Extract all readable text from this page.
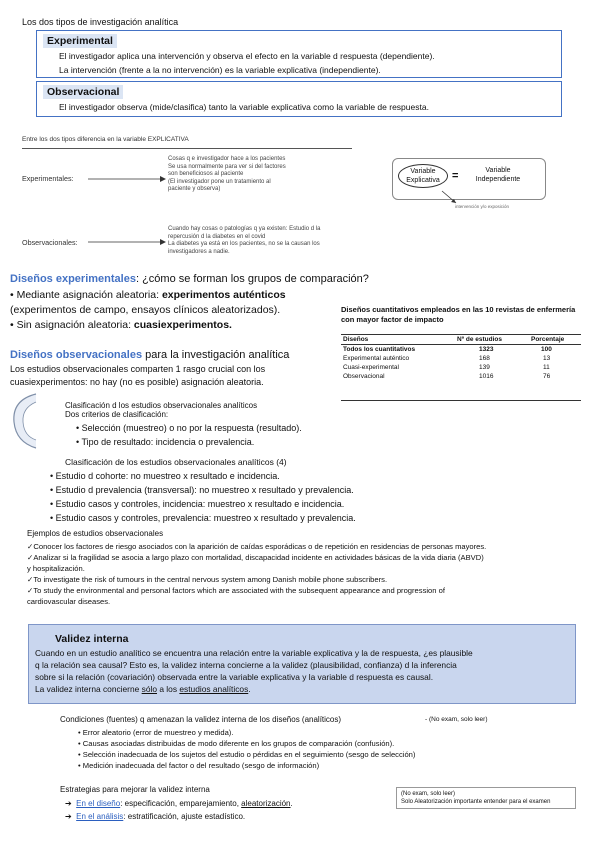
Los dos tipos de investigación analítica
Experimental
El investigador aplica una intervención y observa el efecto en la variable d respuesta (dependiente).
La intervención (frente a la no intervención) es la variable explicativa (independiente).
Observacional
El investigador observa (mide/clasifica) tanto la variable explicativa como la variable de respuesta.
Entre los dos tipos diferencia en la variable EXPLICATIVA
Experimentales:
Cosas q e investigador hace a los pacientes
Se usa normalmente para ver si del factores
son beneficiosos al paciente
(El investigador pone un tratamiento al
paciente y observa)
Observacionales:
Cuando hay cosas o patologías q ya existen: Estudio d la
repercusión d la diabetes en el covid
La diabetes ya está en los pacientes, no se la causan los
investigadores a nadie.
Variable Explicativa	=	Variable Independiente
intervención y/o exposición
Diseños experimentales: ¿cómo se forman los grupos de comparación?
• Mediante asignación aleatoria: experimentos auténticos
(experimentos de campo, ensayos clínicos aleatorizados).
• Sin asignación aleatoria: cuasiexperimentos.
Diseños cuantitativos empleados en las 10 revistas de enfermería con mayor factor de impacto
Diseños	Nº de estudios	Porcentaje
Todos los cuantitativos	1323	100
Experimental auténtico	168	13
Cuasi-experimental	139	11
Observacional	1016	76
Diseños observacionales para la investigación analítica
Los estudios observacionales comparten 1 rasgo crucial con los
cuasiexperimentos: no hay (no es posible) asignación aleatoria.
Clasificación d los estudios observacionales analíticos
Dos criterios de clasificación:
• Selección (muestreo) o no por la respuesta (resultado).
• Tipo de resultado: incidencia o prevalencia.
Clasificación de los estudios observacionales analíticos (4)
• Estudio d cohorte: no muestreo x resultado e incidencia.
• Estudio d prevalencia (transversal): no muestreo x resultado y prevalencia.
• Estudio casos y controles, incidencia: muestreo x resultado e incidencia.
• Estudio casos y controles, prevalencia: muestreo x resultado y prevalencia.
Ejemplos de estudios observacionales
✓Conocer los factores de riesgo asociados con la aparición de caídas esporádicas o de repetición en residencias de personas mayores.
✓Analizar si la fragilidad se asocia a largo plazo con mortalidad, discapacidad incidente en actividades básicas de la vida diaria (ABVD)
y hospitalización.
✓To investigate the risk of tumours in the central nervous system among Danish mobile phone subscribers.
✓To study the environmental and personal factors which are associated with the subsequent appearance and progression of
cardiovascular diseases.
Validez interna
Cuando en un estudio analítico se encuentra una relación entre la variable explicativa y la de respuesta, ¿es plausible
q la relación sea causal? Esto es, la validez interna concierne a la validez (plausibilidad, confianza) d la inferencia
sobre si la relación (covariación) observada entre la variable explicativa y la variable d respuesta es causal.
La validez interna concierne sólo a los estudios analíticos.
Condiciones (fuentes) q amenazan la validez interna de los diseños (analíticos)	- (No exam, solo leer)
• Error aleatorio (error de muestreo y medida).
• Causas asociadas distribuidas de modo diferente en los grupos de comparación (confusión).
• Selección inadecuada de los sujetos del estudio o pérdidas en el seguimiento (sesgo de selección)
• Medición inadecuada del factor o del resultado (sesgo de información)
Estrategias para mejorar la validez interna
➔  En el diseño: especificación, emparejamiento, aleatorización.
➔  En el análisis: estratificación, ajuste estadístico.
(No exam, solo leer)
Solo Aleatorización importante entender para el examen
